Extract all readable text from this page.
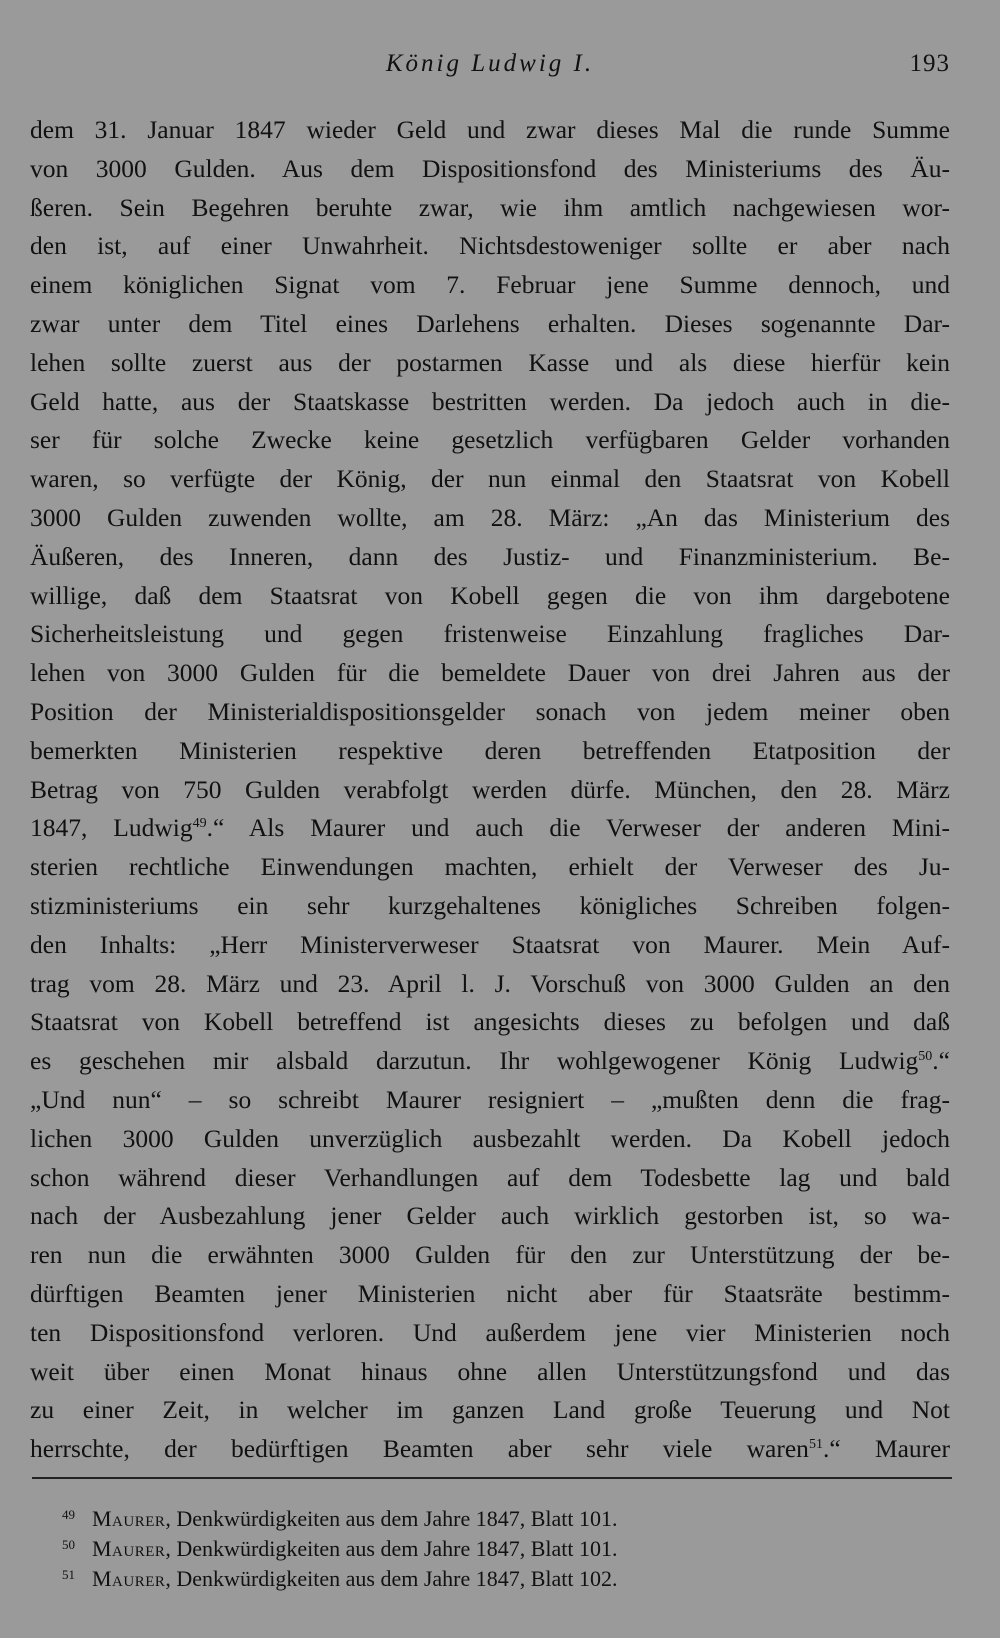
König Ludwig I.	193
dem 31. Januar 1847 wieder Geld und zwar dieses Mal die runde Summe
von 3000 Gulden. Aus dem Dispositionsfond des Ministeriums des Äu-
ßeren. Sein Begehren beruhte zwar, wie ihm amtlich nachgewiesen wor-
den ist, auf einer Unwahrheit. Nichtsdestoweniger sollte er aber nach
einem königlichen Signat vom 7. Februar jene Summe dennoch, und
zwar unter dem Titel eines Darlehens erhalten. Dieses sogenannte Dar-
lehen sollte zuerst aus der postarmen Kasse und als diese hierfür kein
Geld hatte, aus der Staatskasse bestritten werden. Da jedoch auch in die-
ser für solche Zwecke keine gesetzlich verfügbaren Gelder vorhanden
waren, so verfügte der König, der nun einmal den Staatsrat von Kobell
3000 Gulden zuwenden wollte, am 28. März: „An das Ministerium des
Äußeren, des Inneren, dann des Justiz- und Finanzministerium. Be-
willige, daß dem Staatsrat von Kobell gegen die von ihm dargebotene
Sicherheitsleistung und gegen fristenweise Einzahlung fragliches Dar-
lehen von 3000 Gulden für die bemeldete Dauer von drei Jahren aus der
Position der Ministerialdispositionsgelder sonach von jedem meiner oben
bemerkten Ministerien respektive deren betreffenden Etatposition der
Betrag von 750 Gulden verabfolgt werden dürfe. München, den 28. März
1847, Ludwig$^{49}$.“ Als Maurer und auch die Verweser der anderen Mini-
sterien rechtliche Einwendungen machten, erhielt der Verweser des Ju-
stizministeriums ein sehr kurzgehaltenes königliches Schreiben folgen-
den Inhalts: „Herr Ministerverweser Staatsrat von Maurer. Mein Auf-
trag vom 28. März und 23. April l. J. Vorschuß von 3000 Gulden an den
Staatsrat von Kobell betreffend ist angesichts dieses zu befolgen und daß
es geschehen mir alsbald darzutun. Ihr wohlgewogener König Ludwig$^{50}$.“
„Und nun“ – so schreibt Maurer resigniert – „mußten denn die frag-
lichen 3000 Gulden unverzüglich ausbezahlt werden. Da Kobell jedoch
schon während dieser Verhandlungen auf dem Todesbette lag und bald
nach der Ausbezahlung jener Gelder auch wirklich gestorben ist, so wa-
ren nun die erwähnten 3000 Gulden für den zur Unterstützung der be-
dürftigen Beamten jener Ministerien nicht aber für Staatsräte bestimm-
ten Dispositionsfond verloren. Und außerdem jene vier Ministerien noch
weit über einen Monat hinaus ohne allen Unterstützungsfond und das
zu einer Zeit, in welcher im ganzen Land große Teuerung und Not
herrschte, der bedürftigen Beamten aber sehr viele waren$^{51}$.“ Maurer
49 Maurer, Denkwürdigkeiten aus dem Jahre 1847, Blatt 101.
50 Maurer, Denkwürdigkeiten aus dem Jahre 1847, Blatt 101.
51 Maurer, Denkwürdigkeiten aus dem Jahre 1847, Blatt 102.
